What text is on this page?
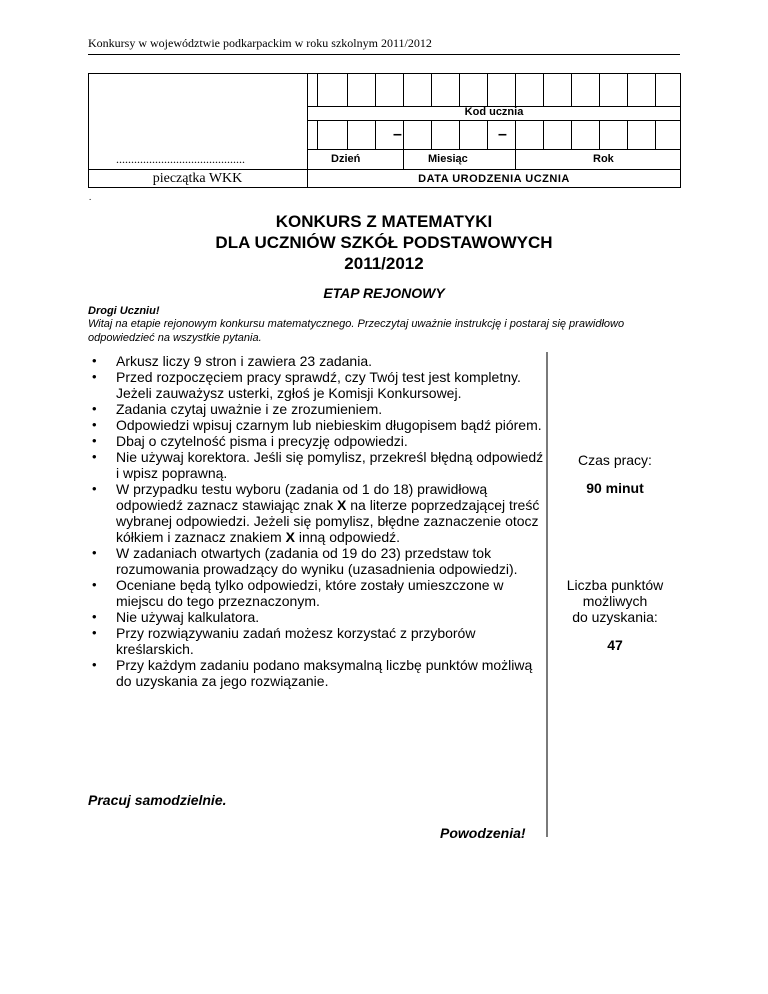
Konkursy w województwie podkarpackim w roku szkolnym 2011/2012
Kod ucznia
–	–
Dzień	Miesiąc	Rok
DATA URODZENIA UCZNIA
...........................................
pieczątka WKK
.
KONKURS Z MATEMATYKI
DLA UCZNIÓW SZKÓŁ PODSTAWOWYCH
2011/2012
ETAP REJONOWY
Drogi Uczniu!
Witaj na etapie rejonowym konkursu matematycznego. Przeczytaj uważnie instrukcję i postaraj się prawidłowo odpowiedzieć na wszystkie pytania.
• Arkusz liczy 9 stron i zawiera 23 zadania.
• Przed rozpoczęciem pracy sprawdź, czy Twój test jest kompletny. Jeżeli zauważysz usterki, zgłoś je Komisji Konkursowej.
• Zadania czytaj uważnie i ze zrozumieniem.
• Odpowiedzi wpisuj czarnym lub niebieskim długopisem bądź piórem.
• Dbaj o czytelność pisma i precyzję odpowiedzi.
• Nie używaj korektora. Jeśli się pomylisz, przekreśl błędną odpowiedź i wpisz poprawną.
• W przypadku testu wyboru (zadania od 1 do 18) prawidłową odpowiedź zaznacz stawiając znak X na literze poprzedzającej treść wybranej odpowiedzi. Jeżeli się pomylisz, błędne zaznaczenie otocz kółkiem i zaznacz znakiem X inną odpowiedź.
• W zadaniach otwartych (zadania od 19 do 23) przedstaw tok rozumowania prowadzący do wyniku (uzasadnienia odpowiedzi).
• Oceniane będą tylko odpowiedzi, które zostały umieszczone w miejscu do tego przeznaczonym.
• Nie używaj kalkulatora.
• Przy rozwiązywaniu zadań możesz korzystać z przyborów kreślarskich.
• Przy każdym zadaniu podano maksymalną liczbę punktów możliwą do uzyskania za jego rozwiązanie.
Pracuj samodzielnie.
Powodzenia!
Czas pracy:
90 minut
Liczba punktów
możliwych
do uzyskania:
47
